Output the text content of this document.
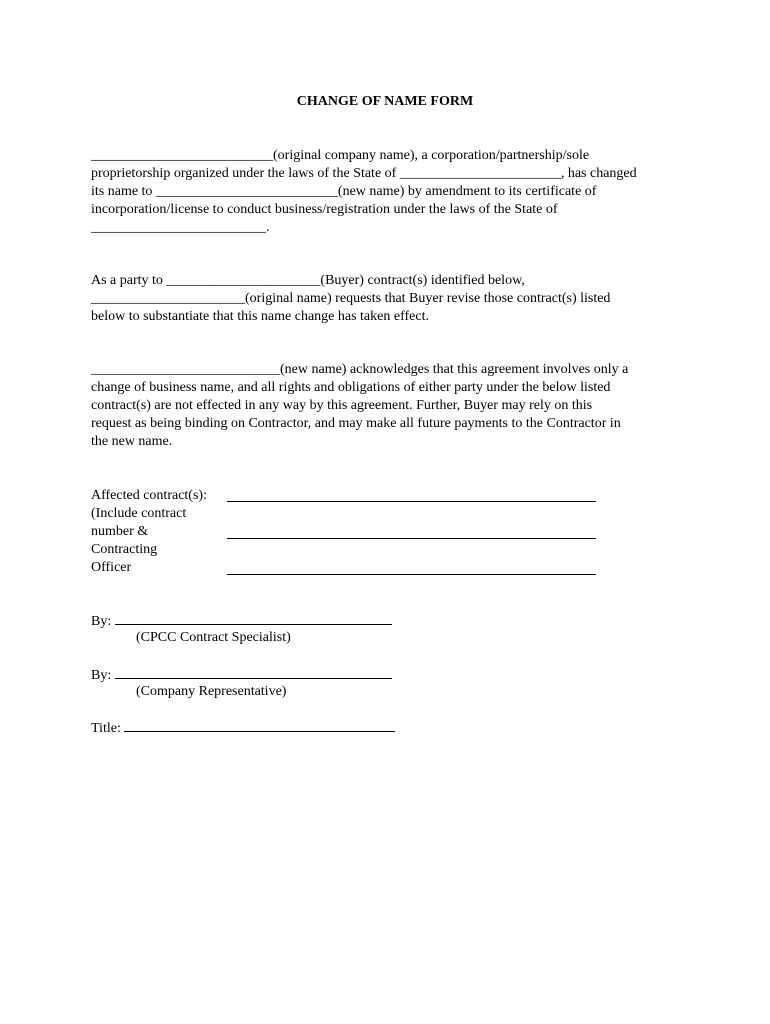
CHANGE OF NAME FORM
__________________________(original company name), a corporation/partnership/sole
proprietorship organized under the laws of the State of _______________________, has changed
its name to __________________________(new name) by amendment to its certificate of
incorporation/license to conduct business/registration under the laws of the State of
_________________________.
As a party to ______________________(Buyer) contract(s) identified below,
______________________(original name) requests that Buyer revise those contract(s) listed
below to substantiate that this name change has taken effect.
___________________________(new name) acknowledges that this agreement involves only a
change of business name, and all rights and obligations of either party under the below listed
contract(s) are not effected in any way by this agreement. Further, Buyer may rely on this
request as being binding on Contractor, and may make all future payments to the Contractor in
the new name.
Affected contract(s):
(Include contract
number &
Contracting
Officer
By:
(CPCC Contract Specialist)
By:
(Company Representative)
Title:
